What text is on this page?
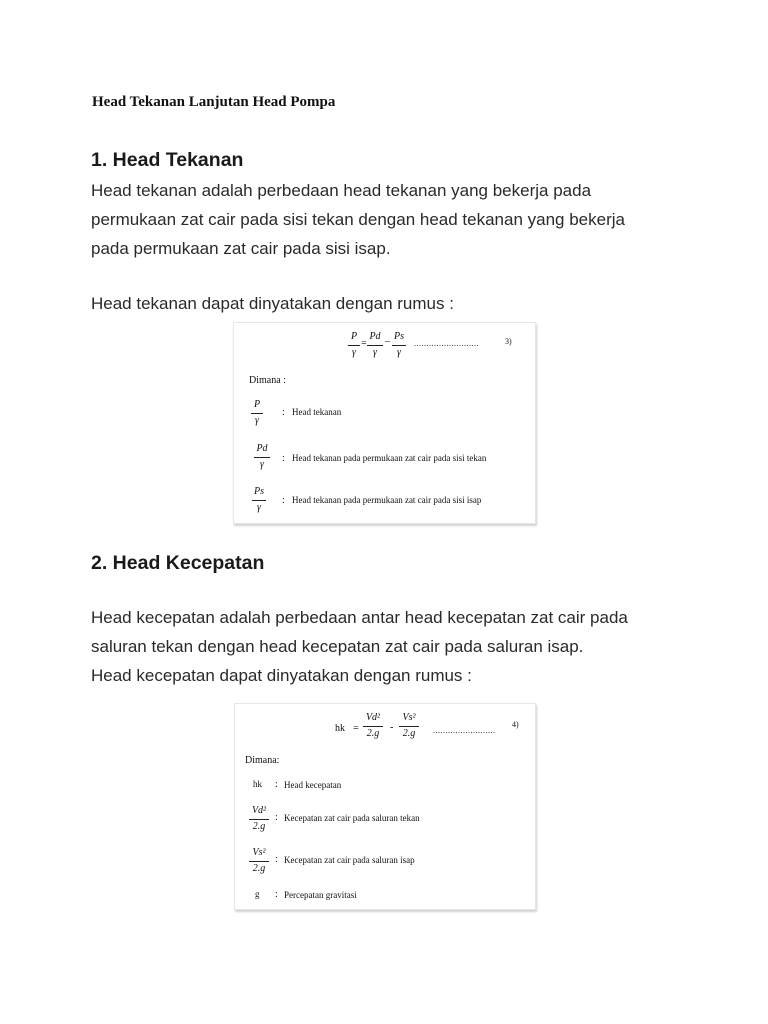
Head Tekanan Lanjutan Head Pompa
1. Head Tekanan
Head tekanan adalah perbedaan head tekanan yang bekerja pada
permukaan zat cair pada sisi tekan dengan head tekanan yang bekerja
pada permukaan zat cair pada sisi isap.
Head tekanan dapat dinyatakan dengan rumus :
P
γ
=
Pd
γ
– Ps
γ
..........................	3)
Dimana :
P
γ
: Head tekanan
Pd
γ
: Head tekanan pada permukaan zat cair pada sisi tekan
Ps
γ
: Head tekanan pada permukaan zat cair pada sisi isap
2. Head Kecepatan
Head kecepatan adalah perbedaan antar head kecepatan zat cair pada
saluran tekan dengan head kecepatan zat cair pada saluran isap.
Head kecepatan dapat dinyatakan dengan rumus :
hk =
Vd²
2.g
-
Vs²
2.g	.........................
4)
Dimana:
hk : Head kecepatan
Vd²
2.g
: Kecepatan zat cair pada saluran tekan
Vs²
2.g
: Kecepatan zat cair pada saluran isap
g : Percepatan gravitasi
